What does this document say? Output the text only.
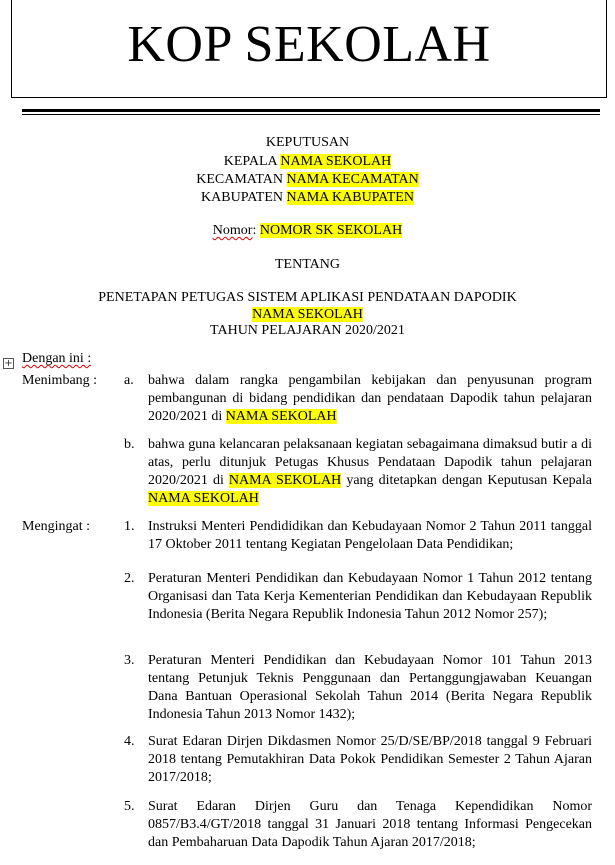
KOP SEKOLAH
KEPUTUSAN
KEPALA NAMA SEKOLAH
KECAMATAN NAMA KECAMATAN
KABUPATEN NAMA KABUPATEN
Nomor: NOMOR SK SEKOLAH
TENTANG
PENETAPAN PETUGAS SISTEM APLIKASI PENDATAAN DAPODIK
NAMA SEKOLAH
TAHUN PELAJARAN 2020/2021
+ Dengan ini :
Menimbang : a. bahwa dalam rangka pengambilan kebijakan dan penyusunan program pembangunan di bidang pendidikan dan pendataan Dapodik tahun pelajaran 2020/2021 di NAMA SEKOLAH
b. bahwa guna kelancaran pelaksanaan kegiatan sebagaimana dimaksud butir a di atas, perlu ditunjuk Petugas Khusus Pendataan Dapodik tahun pelajaran 2020/2021 di NAMA SEKOLAH yang ditetapkan dengan Keputusan Kepala NAMA SEKOLAH
Mengingat : 1. Instruksi Menteri Pendididikan dan Kebudayaan Nomor 2 Tahun 2011 tanggal 17 Oktober 2011 tentang Kegiatan Pengelolaan Data Pendidikan;
2. Peraturan Menteri Pendidikan dan Kebudayaan Nomor 1 Tahun 2012 tentang Organisasi dan Tata Kerja Kementerian Pendidikan dan Kebudayaan Republik Indonesia (Berita Negara Republik Indonesia Tahun 2012 Nomor 257);
3. Peraturan Menteri Pendidikan dan Kebudayaan Nomor 101 Tahun 2013 tentang Petunjuk Teknis Penggunaan dan Pertanggungjawaban Keuangan Dana Bantuan Operasional Sekolah Tahun 2014 (Berita Negara Republik Indonesia Tahun 2013 Nomor 1432);
4. Surat Edaran Dirjen Dikdasmen Nomor 25/D/SE/BP/2018 tanggal 9 Februari 2018 tentang Pemutakhiran Data Pokok Pendidikan Semester 2 Tahun Ajaran 2017/2018;
5. Surat Edaran Dirjen Guru dan Tenaga Kependidikan Nomor 0857/B3.4/GT/2018 tanggal 31 Januari 2018 tentang Informasi Pengecekan dan Pembaharuan Data Dapodik Tahun Ajaran 2017/2018;
